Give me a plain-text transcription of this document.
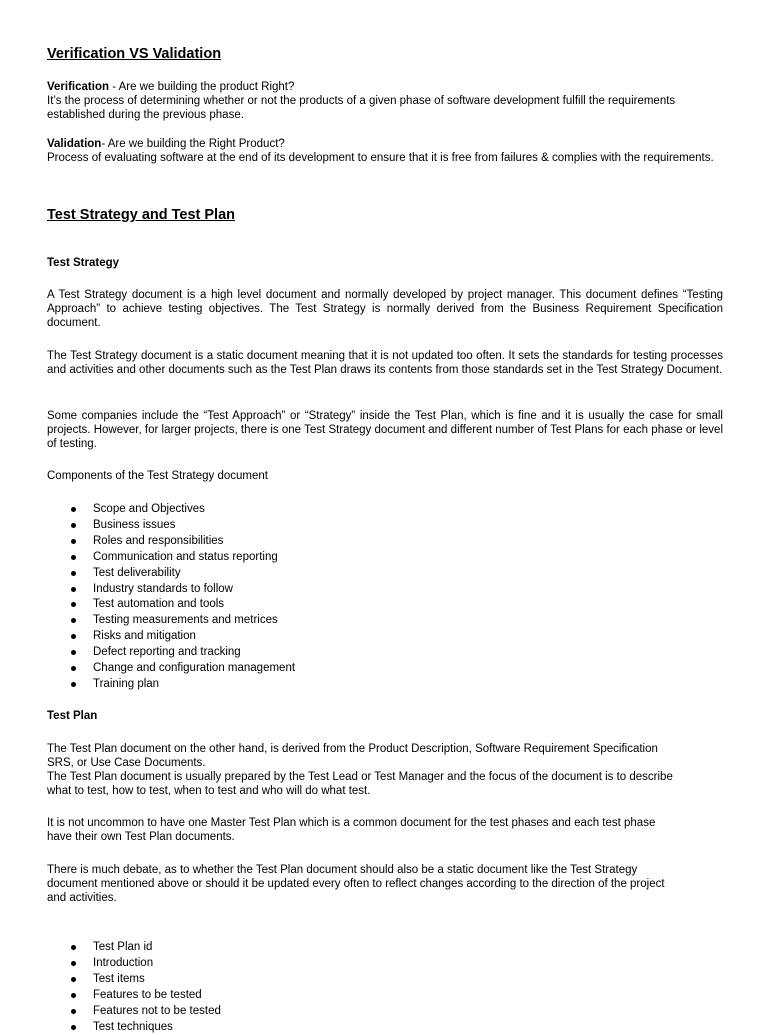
Verification VS Validation
Verification - Are we building the product Right?
It’s the process of determining whether or not the products of a given phase of software development fulfill the requirements established during the previous phase.
Validation- Are we building the Right Product?
Process of evaluating software at the end of its development to ensure that it is free from failures & complies with the requirements.
Test Strategy and Test Plan
Test Strategy
A Test Strategy document is a high level document and normally developed by project manager. This document defines “Testing Approach” to achieve testing objectives. The Test Strategy is normally derived from the Business Requirement Specification document.
The Test Strategy document is a static document meaning that it is not updated too often. It sets the standards for testing processes and activities and other documents such as the Test Plan draws its contents from those standards set in the Test Strategy Document.
Some companies include the “Test Approach” or “Strategy” inside the Test Plan, which is fine and it is usually the case for small projects. However, for larger projects, there is one Test Strategy document and different number of Test Plans for each phase or level of testing.
Components of the Test Strategy document
Scope and Objectives
Business issues
Roles and responsibilities
Communication and status reporting
Test deliverability
Industry standards to follow
Test automation and tools
Testing measurements and metrices
Risks and mitigation
Defect reporting and tracking
Change and configuration management
Training plan
Test Plan
The Test Plan document on the other hand, is derived from the Product Description, Software Requirement Specification
SRS, or Use Case Documents.
The Test Plan document is usually prepared by the Test Lead or Test Manager and the focus of the document is to describe
what to test, how to test, when to test and who will do what test.
It is not uncommon to have one Master Test Plan which is a common document for the test phases and each test phase
have their own Test Plan documents.
There is much debate, as to whether the Test Plan document should also be a static document like the Test Strategy
document mentioned above or should it be updated every often to reflect changes according to the direction of the project
and activities.
Test Plan id
Introduction
Test items
Features to be tested
Features not to be tested
Test techniques
